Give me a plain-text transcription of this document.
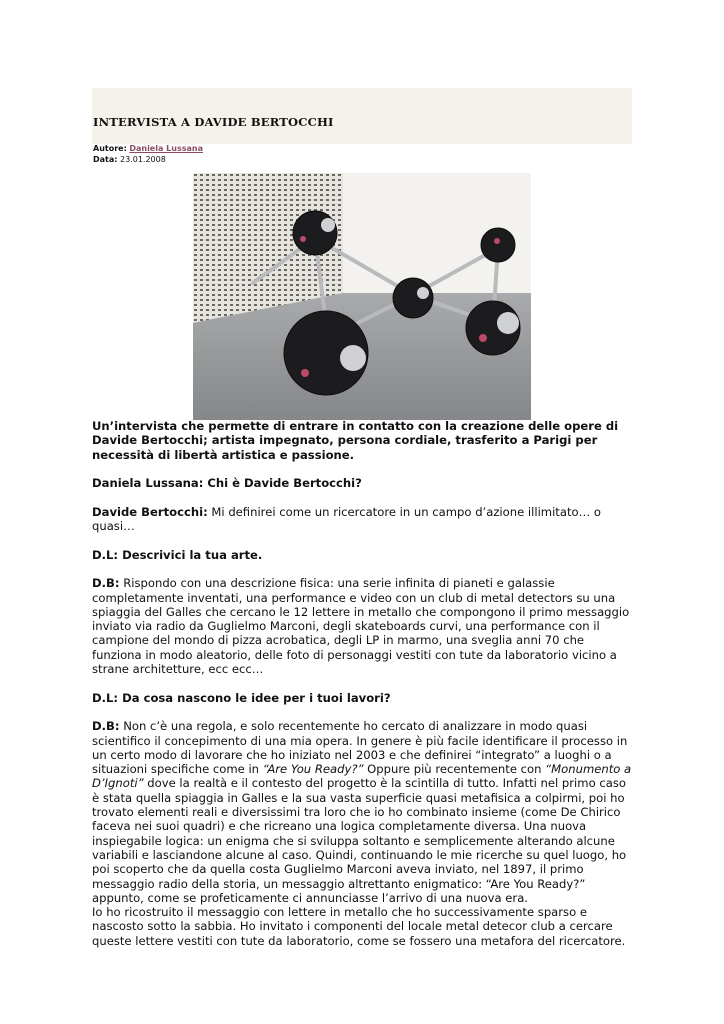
INTERVISTA A DAVIDE BERTOCCHI
Autore: Daniela Lussana
Data: 23.01.2008

Un’intervista che permette di entrare in contatto con la creazione delle opere di Davide Bertocchi; artista impegnato, persona cordiale, trasferito a Parigi per necessità di libertà artistica e passione.

Daniela Lussana: Chi è Davide Bertocchi?

Davide Bertocchi: Mi definirei come un ricercatore in un campo d’azione illimitato… o quasi…

D.L: Descrivici la tua arte.

D.B: Rispondo con una descrizione fisica: una serie infinita di pianeti e galassie completamente inventati, una performance e video con un club di metal detectors su una spiaggia del Galles che cercano le 12 lettere in metallo che compongono il primo messaggio inviato via radio da Guglielmo Marconi, degli skateboards curvi, una performance con il campione del mondo di pizza acrobatica, degli LP in marmo, una sveglia anni 70 che funziona in modo aleatorio, delle foto di personaggi vestiti con tute da laboratorio vicino a strane architetture, ecc ecc…

D.L: Da cosa nascono le idee per i tuoi lavori?

D.B: Non c’è una regola, e solo recentemente ho cercato di analizzare in modo quasi scientifico il concepimento di una mia opera. In genere è più facile identificare il processo in un certo modo di lavorare che ho iniziato nel 2003 e che definirei “integrato” a luoghi o a situazioni specifiche come in “Are You Ready?” Oppure più recentemente con “Monumento a D’Ignoti” dove la realtà e il contesto del progetto è la scintilla di tutto. Infatti nel primo caso è stata quella spiaggia in Galles e la sua vasta superficie quasi metafisica a colpirmi, poi ho trovato elementi reali e diversissimi tra loro che io ho combinato insieme (come De Chirico faceva nei suoi quadri) e che ricreano una logica completamente diversa. Una nuova inspiegabile logica: un enigma che si sviluppa soltanto e semplicemente alterando alcune variabili e lasciandone alcune al caso. Quindi, continuando le mie ricerche su quel luogo, ho poi scoperto che da quella costa Guglielmo Marconi aveva inviato, nel 1897, il primo messaggio radio della storia, un messaggio altrettanto enigmatico: “Are You Ready?” appunto, come se profeticamente ci annunciasse l’arrivo di una nuova era.
Io ho ricostruito il messaggio con lettere in metallo che ho successivamente sparso e nascosto sotto la sabbia. Ho invitato i componenti del locale metal detecor club a cercare queste lettere vestiti con tute da laboratorio, come se fossero una metafora del ricercatore.
